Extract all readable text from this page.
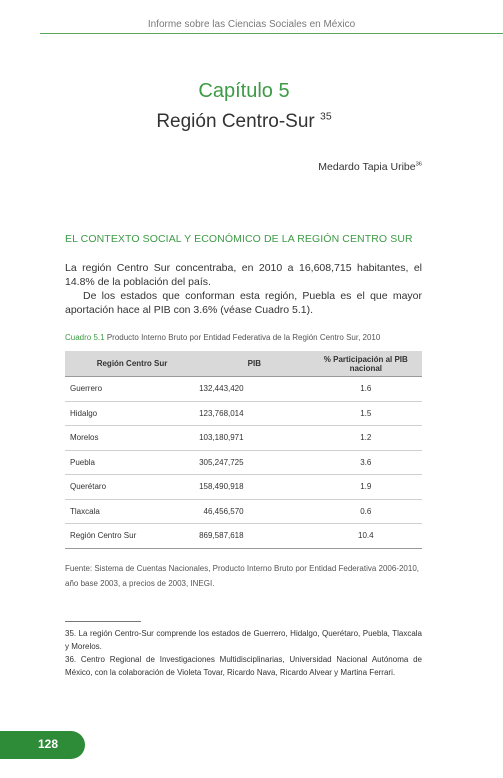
Informe sobre las Ciencias Sociales en México
Capítulo 5
Región Centro-Sur $^{35}$
Medardo Tapia Uribe$^{36}$
EL CONTEXTO SOCIAL Y ECONÓMICO DE LA REGIÓN CENTRO SUR

La región Centro Sur concentraba, en 2010 a 16,608,715 habitantes, el 14.8% de la población del país.

De los estados que conforman esta región, Puebla es el que mayor aportación hace al PIB con 3.6% (véase Cuadro 5.1).

Cuadro 5.1 Producto Interno Bruto por Entidad Federativa de la Región Centro Sur, 2010
Región Centro Sur	PIB	% Participación al PIB nacional
Guerrero	132,443,420	1.6
Hidalgo	123,768,014	1.5
Morelos	103,180,971	1.2
Puebla	305,247,725	3.6
Querétaro	158,490,918	1.9
Tlaxcala	46,456,570	0.6
Región Centro Sur	869,587,618	10.4
Fuente: Sistema de Cuentas Nacionales, Producto Interno Bruto por Entidad Federativa 2006-2010, año base 2003, a precios de 2003, INEGI.

35. La región Centro-Sur comprende los estados de Guerrero, Hidalgo, Querétaro, Puebla, Tlaxcala y Morelos.

36. Centro Regional de Investigaciones Multidisciplinarias, Universidad Nacional Autónoma de México, con la colaboración de Violeta Tovar, Ricardo Nava, Ricardo Alvear y Martina Ferrari.

128
